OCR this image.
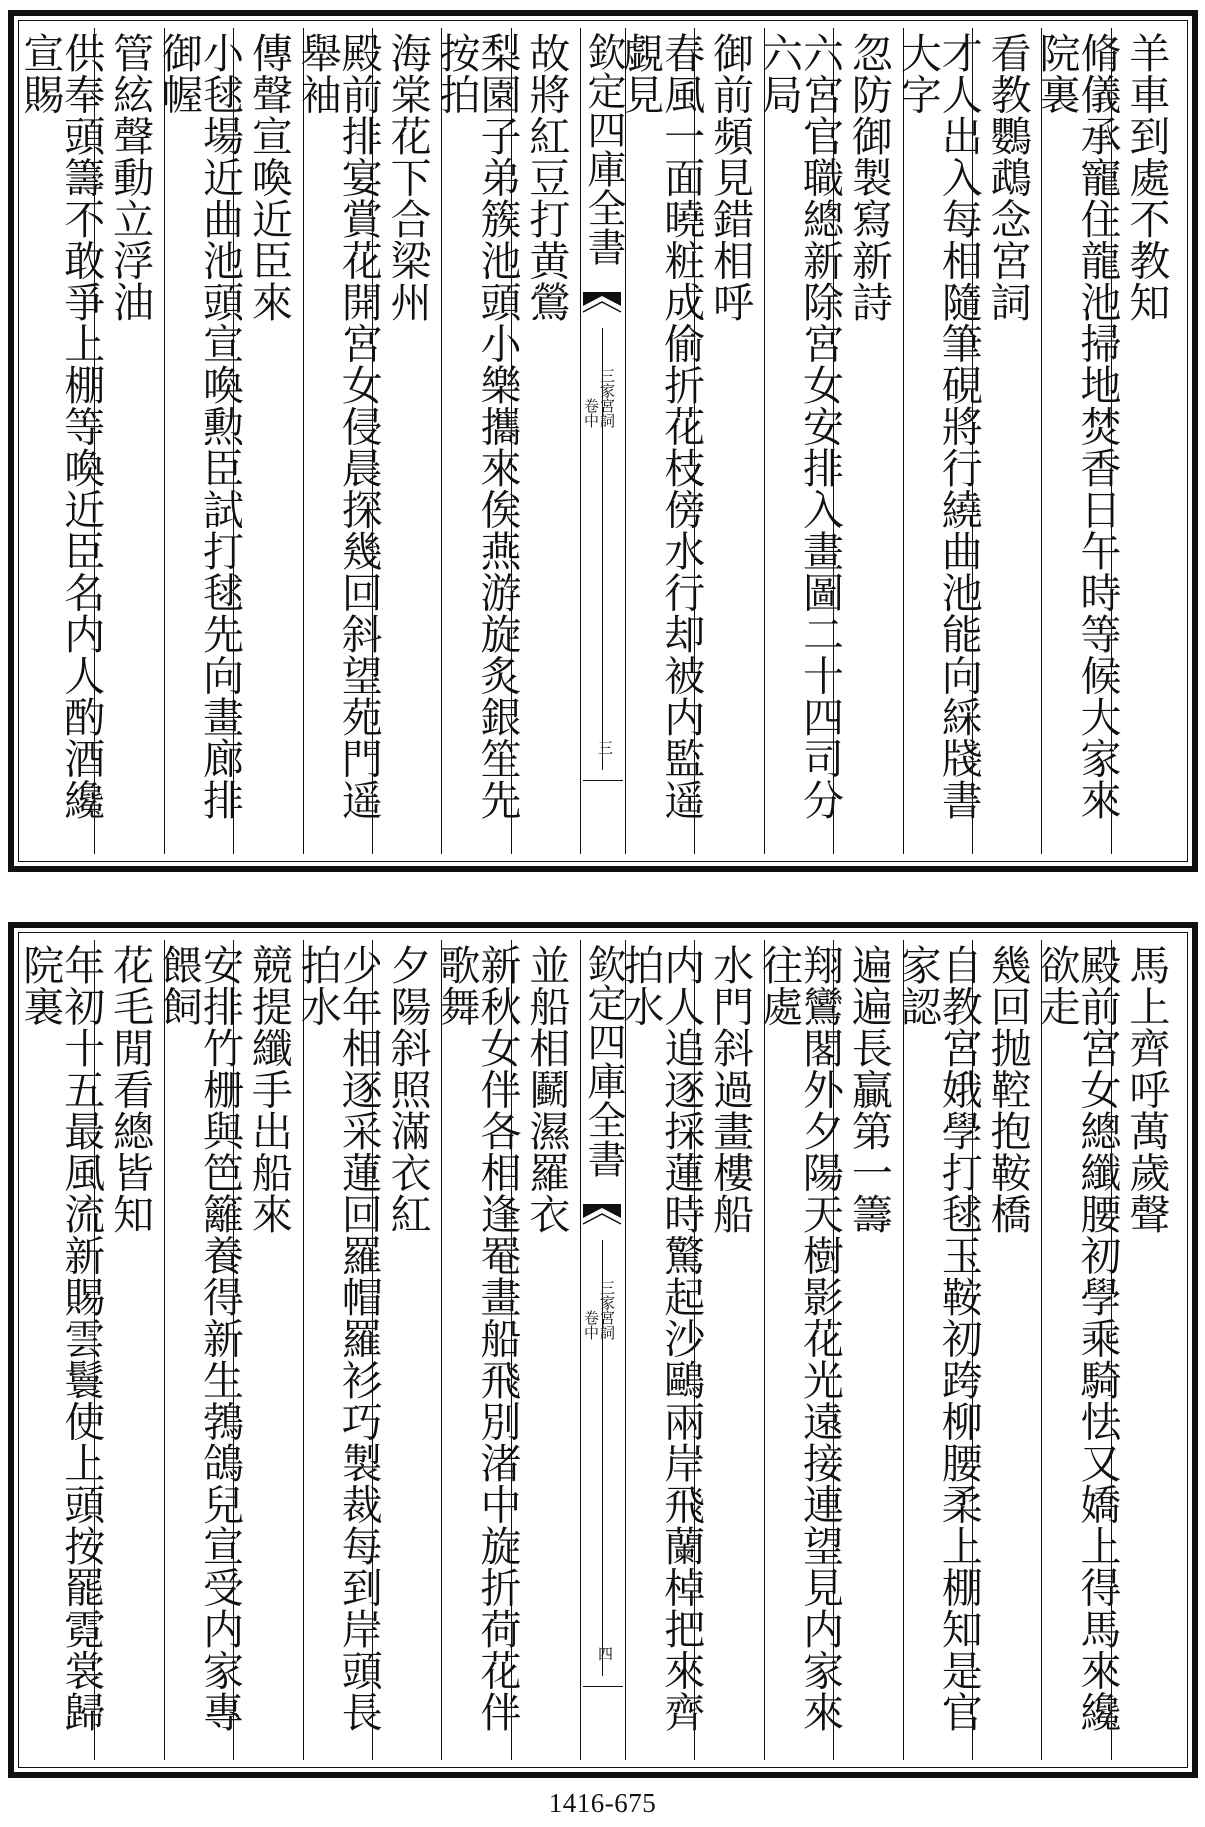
羊車到處不教知
脩儀承寵住龍池掃地焚香日午時等候大家來院裏
看教鸚鵡念宮詞
才人出入每相隨筆硯將行繞曲池能向綵牋書大字
忽防御製寫新詩
六宮官職總新除宮女安排入畫圖二十四司分六局
御前頻見錯相呼
春風一面曉粧成偷折花枝傍水行却被内監遥覷見
欽定四庫全書
三家宮詞
卷中
三
故將紅豆打黄鶯
梨園子弟簇池頭小樂攜來俟燕游旋炙銀笙先按拍
海棠花下合梁州
殿前排宴賞花開宮女侵晨探幾回斜望苑門遥舉袖
傳聲宣喚近臣來
小毬場近曲池頭宣喚勲臣試打毬先向畫廊排御幄
管絃聲動立浮油
供奉頭籌不敢爭上棚等喚近臣名内人酌酒纔宣賜
馬上齊呼萬歲聲
殿前宮女總纖腰初學乘騎怯又嬌上得馬來纔欲走
幾回抛鞚抱鞍橋
自教宮娥學打毬玉鞍初跨柳腰柔上棚知是官家認
遍遍長贏第一籌
翔鸞閣外夕陽天樹影花光遠接連望見内家來往處
水門斜過畫樓船
内人追逐採蓮時驚起沙鷗兩岸飛蘭棹把來齊拍水
欽定四庫全書
三家宮詞
卷中
四
並船相鬬濕羅衣
新秋女伴各相逢罨畫船飛別渚中旋折荷花伴歌舞
夕陽斜照滿衣紅
少年相逐采蓮回羅帽羅衫巧製裁每到岸頭長拍水
競提纖手出船來
安排竹栅與笆籬養得新生鵓鴿兒宣受内家專餵飼
花毛閒看總皆知
年初十五最風流新賜雲鬟使上頭按罷霓裳歸院裏
1416-675
